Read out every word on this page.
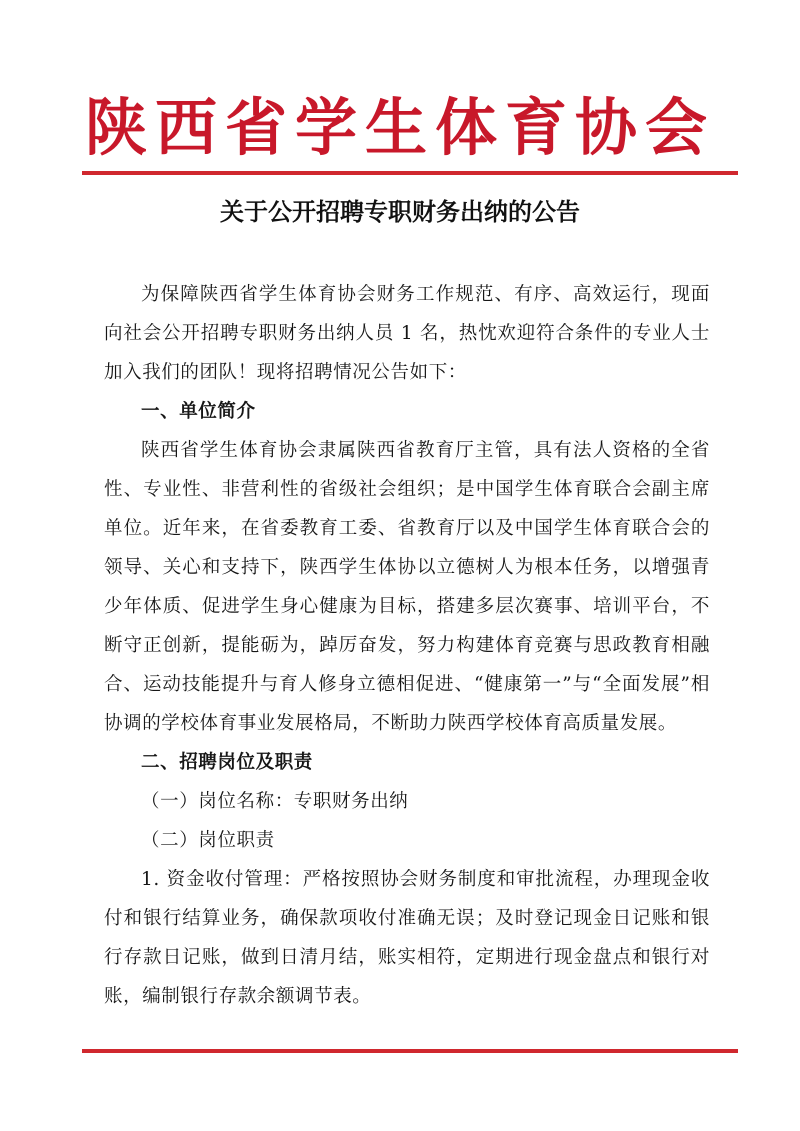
陕西省学生体育协会
关于公开招聘专职财务出纳的公告

为保障陕西省学生体育协会财务工作规范、有序、高效运行，现面向社会公开招聘专职财务出纳人员 1 名，热忱欢迎符合条件的专业人士加入我们的团队！现将招聘情况公告如下：

一、单位简介

陕西省学生体育协会隶属陕西省教育厅主管，具有法人资格的全省性、专业性、非营利性的省级社会组织；是中国学生体育联合会副主席单位。近年来，在省委教育工委、省教育厅以及中国学生体育联合会的领导、关心和支持下，陕西学生体协以立德树人为根本任务，以增强青少年体质、促进学生身心健康为目标，搭建多层次赛事、培训平台，不断守正创新，提能砺为，踔厉奋发，努力构建体育竞赛与思政教育相融合、运动技能提升与育人修身立德相促进、“健康第一”与“全面发展”相协调的学校体育事业发展格局，不断助力陕西学校体育高质量发展。

二、招聘岗位及职责

（一）岗位名称：专职财务出纳

（二）岗位职责

1. 资金收付管理：严格按照协会财务制度和审批流程，办理现金收付和银行结算业务，确保款项收付准确无误；及时登记现金日记账和银行存款日记账，做到日清月结，账实相符，定期进行现金盘点和银行对账，编制银行存款余额调节表。
